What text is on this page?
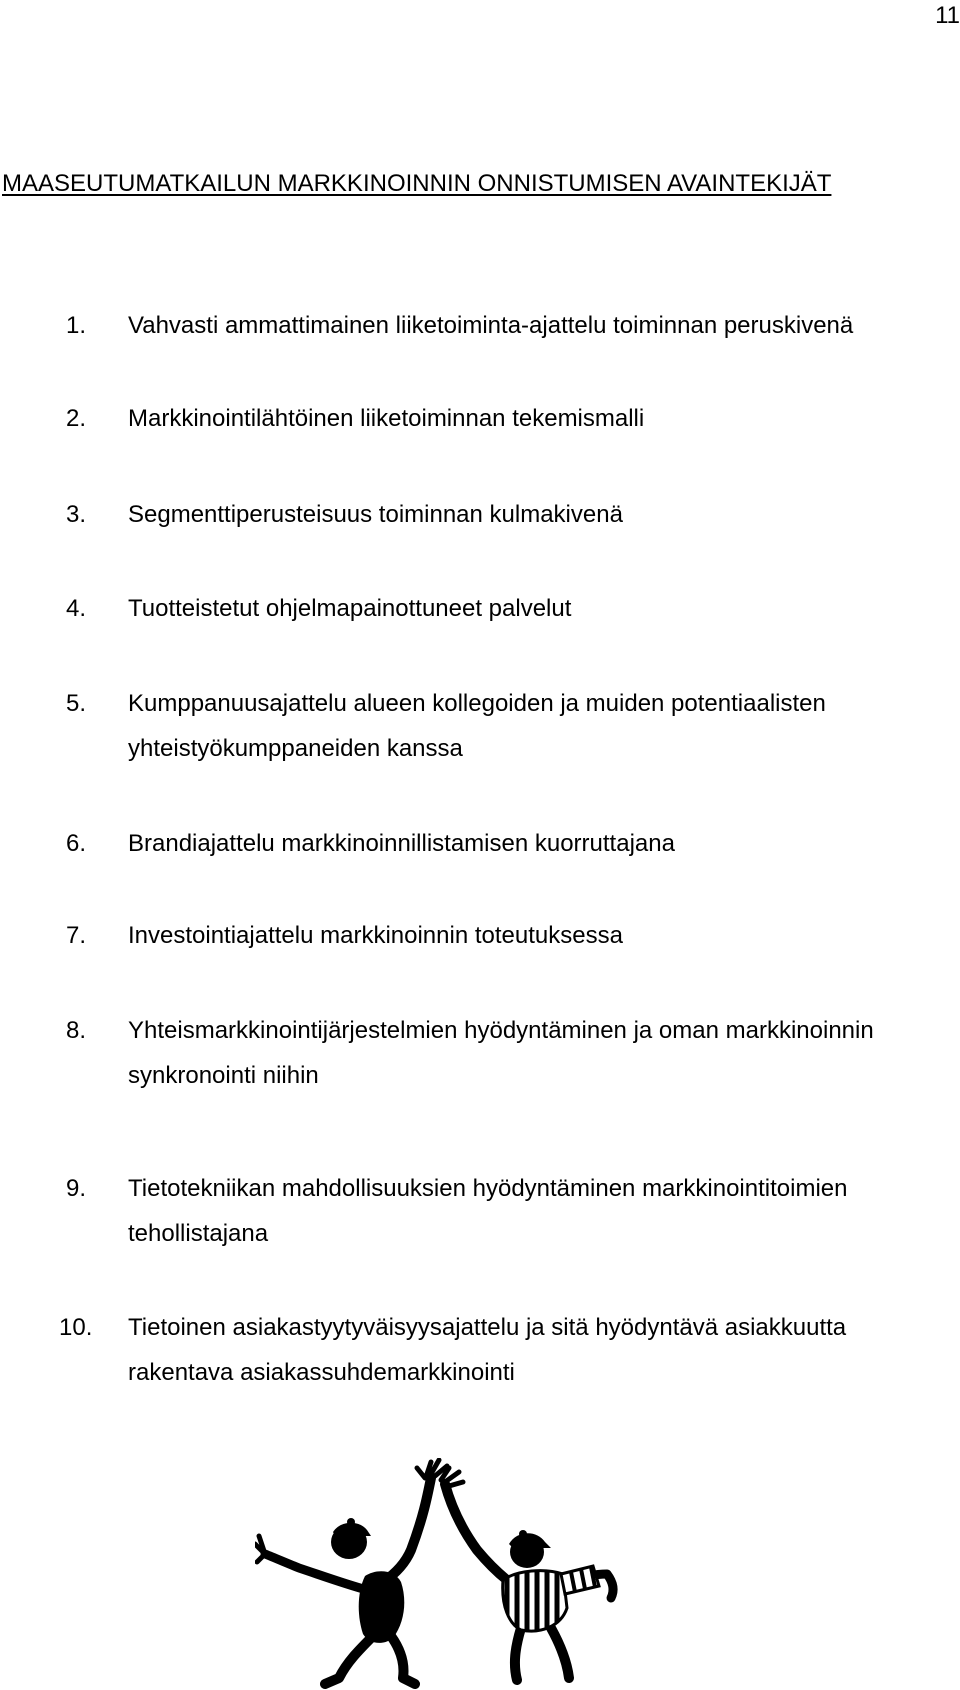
11
MAASEUTUMATKAILUN MARKKINOINNIN ONNISTUMISEN AVAINTEKIJÄT
1. Vahvasti ammattimainen liiketoiminta-ajattelu toiminnan peruskivenä
2. Markkinointilähtöinen liiketoiminnan tekemismalli
3. Segmenttiperusteisuus toiminnan kulmakivenä
4. Tuotteistetut ohjelmapainottuneet palvelut
5. Kumppanuusajattelu alueen kollegoiden ja muiden potentiaalisten yhteistyökumppaneiden kanssa
6. Brandiajattelu markkinoinnillistamisen kuorruttajana
7. Investointiajattelu markkinoinnin toteutuksessa
8. Yhteismarkkinointijärjestelmien hyödyntäminen ja oman markkinoinnin synkronointi niihin
9. Tietotekniikan mahdollisuuksien hyödyntäminen markkinointitoimien tehollistajana
10. Tietoinen asiakastyytyväisyysajattelu ja sitä hyödyntävä asiakkuutta rakentava asiakassuhdemarkkinointi
